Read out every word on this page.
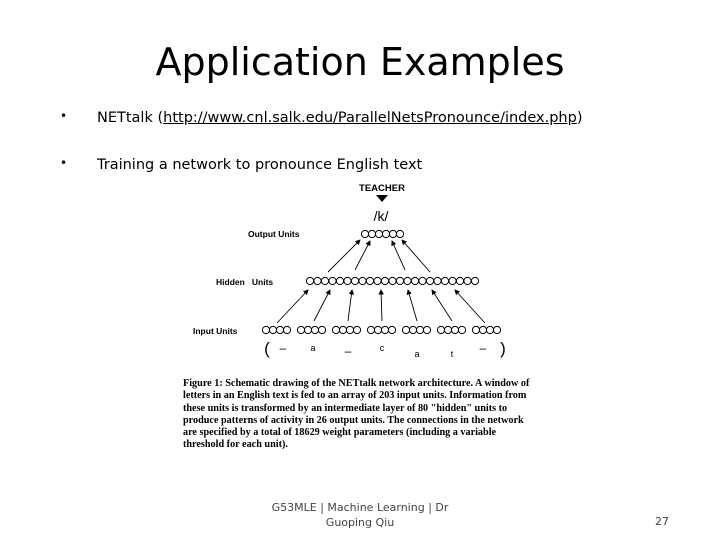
Application Examples
• NETtalk (http://www.cnl.salk.edu/ParallelNetsPronounce/index.php)
• Training a network to pronounce English text
TEACHER
/k/
Output Units
Hidden   Units
Input Units
( –	a –	c
a	t – )
Figure 1: Schematic drawing of the NETtalk network architecture. A window of letters in an English text is fed to an array of 203 input units. Information from these units is transformed by an intermediate layer of 80 "hidden" units to produce patterns of activity in 26 output units. The connections in the network are specified by a total of 18629 weight parameters (including a variable threshold for each unit).
G53MLE | Machine Learning | Dr
Guoping Qiu	27
